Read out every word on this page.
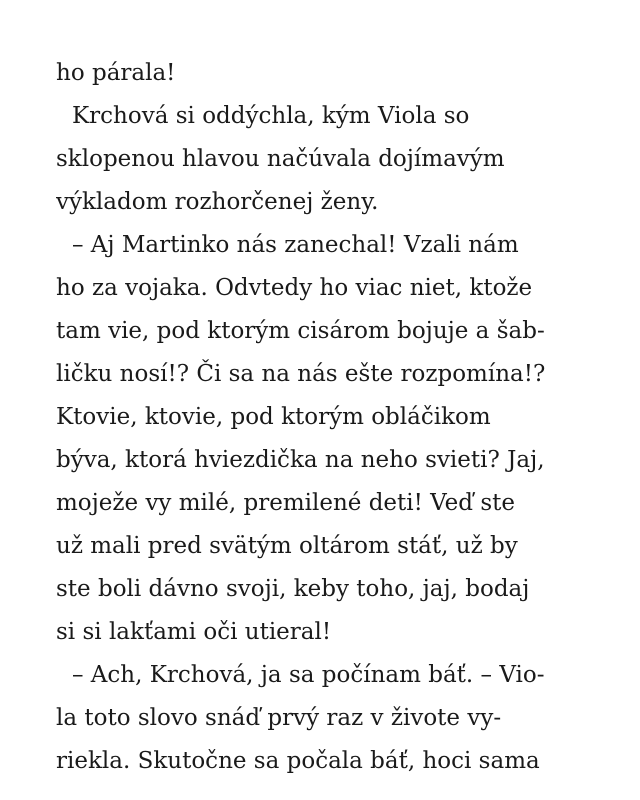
ho párala!
Krchová si oddýchla, kým Viola so
sklopenou hlavou načúvala dojímavým
výkladom rozhorčenej ženy.
– Aj Martinko nás zanechal! Vzali nám
ho za vojaka. Odvtedy ho viac niet, ktože
tam vie, pod ktorým cisárom bojuje a šab-
ličku nosí!? Či sa na nás ešte rozpomína!?
Ktovie, ktovie, pod ktorým obláčikom
býva, ktorá hviezdička na neho svieti? Jaj,
moježe vy milé, premilené deti! Veď ste
už mali pred svätým oltárom stáť, už by
ste boli dávno svoji, keby toho, jaj, bodaj
si si lakťami oči utieral!
– Ach, Krchová, ja sa počínam báť. – Vio-
la toto slovo snáď prvý raz v živote vy-
riekla. Skutočne sa počala báť, hoci sama
